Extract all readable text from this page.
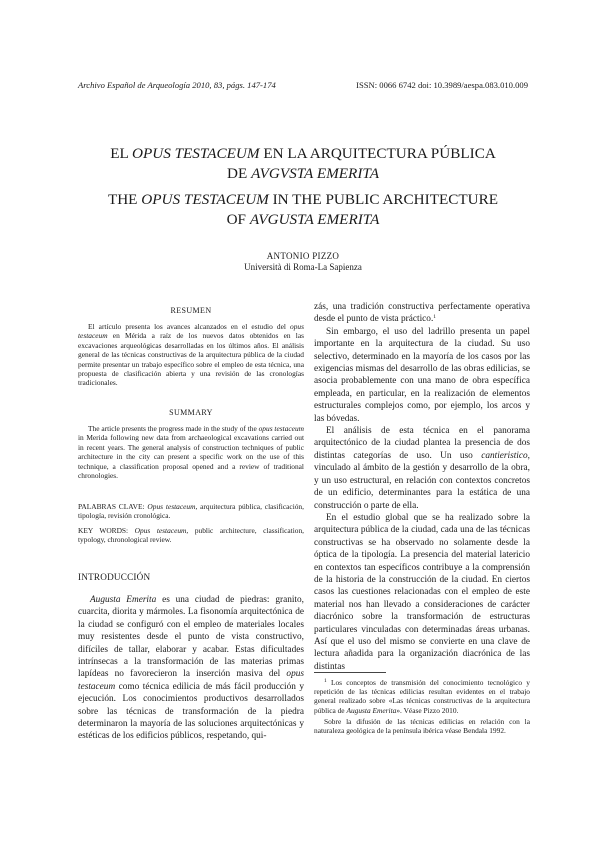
Archivo Español de Arqueología 2010, 83, págs. 147-174	ISSN: 0066 6742 doi: 10.3989/aespa.083.010.009
EL OPUS TESTACEUM EN LA ARQUITECTURA PÚBLICA
DE AVGVSTA EMERITA
THE OPUS TESTACEUM IN THE PUBLIC ARCHITECTURE
OF AVGUSTA EMERITA
ANTONIO PIZZO
Università di Roma-La Sapienza
RESUMEN

El artículo presenta los avances alcanzados en el estudio del opus testaceum en Mérida a raíz de los nuevos datos obtenidos en las excavaciones arqueológicas desarrolladas en los últimos años. El análisis general de las técnicas constructivas de la arquitectura pública de la ciudad permite presentar un trabajo específico sobre el empleo de esta técnica, una propuesta de clasificación abierta y una revisión de las cronologías tradicionales.

SUMMARY

The article presents the progress made in the study of the opus testaceum in Merida following new data from archaeological excavations carried out in recent years. The general analysis of construction techniques of public architecture in the city can present a specific work on the use of this technique, a classification proposal opened and a review of traditional chronologies.

PALABRAS CLAVE: Opus testaceum, arquitectura pública, clasificación, tipología, revisión cronológica.

KEY WORDS: Opus testaceum, public architecture, classification, typology, chronological review.

INTRODUCCIÓN

Augusta Emerita es una ciudad de piedras: granito, cuarcita, diorita y mármoles. La fisonomía arquitectónica de la ciudad se configuró con el empleo de materiales locales muy resistentes desde el punto de vista constructivo, difíciles de tallar, elaborar y acabar. Estas dificultades intrínsecas a la transformación de las materias primas lapídeas no favorecieron la inserción masiva del opus testaceum como técnica edilicia de más fácil producción y ejecución. Los conocimientos productivos desarrollados sobre las técnicas de transformación de la piedra determinaron la mayoría de las soluciones arquitectónicas y estéticas de los edificios públicos, respetando, qui-

zás, una tradición constructiva perfectamente operativa desde el punto de vista práctico.$^1$

Sin embargo, el uso del ladrillo presenta un papel importante en la arquitectura de la ciudad. Su uso selectivo, determinado en la mayoría de los casos por las exigencias mismas del desarrollo de las obras edilicias, se asocia probablemente con una mano de obra específica empleada, en particular, en la realización de elementos estructurales complejos como, por ejemplo, los arcos y las bóvedas.

El análisis de esta técnica en el panorama arquitectónico de la ciudad plantea la presencia de dos distintas categorías de uso. Un uso cantieristico, vinculado al ámbito de la gestión y desarrollo de la obra, y un uso estructural, en relación con contextos concretos de un edificio, determinantes para la estática de una construcción o parte de ella.

En el estudio global que se ha realizado sobre la arquitectura pública de la ciudad, cada una de las técnicas constructivas se ha observado no solamente desde la óptica de la tipología. La presencia del material latericio en contextos tan específicos contribuye a la comprensión de la historia de la construcción de la ciudad. En ciertos casos las cuestiones relacionadas con el empleo de este material nos han llevado a consideraciones de carácter diacrónico sobre la transformación de estructuras particulares vinculadas con determinadas áreas urbanas. Así que el uso del mismo se convierte en una clave de lectura añadida para la organización diacrónica de las distintas

$^1$ Los conceptos de transmisión del conocimiento tecnológico y repetición de las técnicas edilicias resultan evidentes en el trabajo general realizado sobre «Las técnicas constructivas de la arquitectura pública de Augusta Emerita». Véase Pizzo 2010.

Sobre la difusión de las técnicas edilicias en relación con la naturaleza geológica de la península ibérica véase Bendala 1992.
